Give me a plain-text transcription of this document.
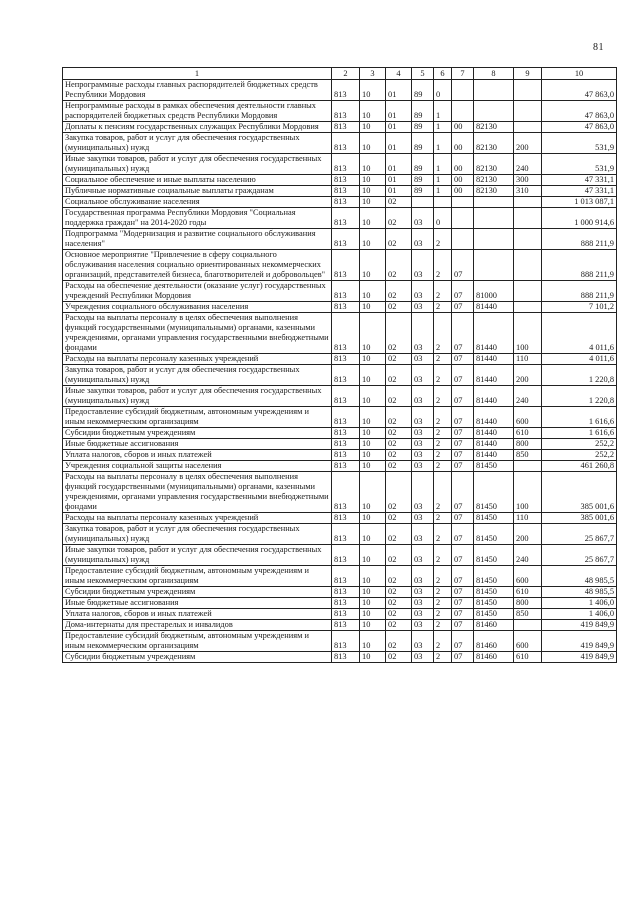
81
1	2	3	4	5	6	7	8	9	10
Непрограммные расходы главных распорядителей бюджетных средств Республики Мордовия	813	10	01	89	0				47 863,0
Непрограммные расходы в рамках обеспечения деятельности главных распорядителей бюджетных средств Республики Мордовия	813	10	01	89	1				47 863,0
Доплаты к пенсиям государственных служащих Республики Мордовия	813	10	01	89	1	00	82130		47 863,0
Закупка товаров, работ и услуг для обеспечения государственных (муниципальных) нужд	813	10	01	89	1	00	82130	200	531,9
Иные закупки товаров, работ и услуг для обеспечения государственных (муниципальных) нужд	813	10	01	89	1	00	82130	240	531,9
Социальное обеспечение и иные выплаты населению	813	10	01	89	1	00	82130	300	47 331,1
Публичные нормативные социальные выплаты гражданам	813	10	01	89	1	00	82130	310	47 331,1
Социальное обслуживание населения	813	10	02						1 013 087,1
Государственная программа Республики Мордовия "Социальная поддержка граждан" на 2014-2020 годы	813	10	02	03	0				1 000 914,6
Подпрограмма "Модернизация и развитие социального обслуживания населения"	813	10	02	03	2				888 211,9
Основное мероприятие "Привлечение в сферу социального обслуживания населения социально ориентированных некоммерческих организаций, представителей бизнеса, благотворителей и добровольцев"	813	10	02	03	2	07			888 211,9
Расходы на обеспечение деятельности (оказание услуг) государственных учреждений Республики Мордовия	813	10	02	03	2	07	81000		888 211,9
Учреждения социального обслуживания населения	813	10	02	03	2	07	81440		7 101,2
Расходы на выплаты персоналу в целях обеспечения выполнения функций государственными (муниципальными) органами, казенными учреждениями, органами управления государственными внебюджетными фондами	813	10	02	03	2	07	81440	100	4 011,6
Расходы на выплаты персоналу казенных учреждений	813	10	02	03	2	07	81440	110	4 011,6
Закупка товаров, работ и услуг для обеспечения государственных (муниципальных) нужд	813	10	02	03	2	07	81440	200	1 220,8
Иные закупки товаров, работ и услуг для обеспечения государственных (муниципальных) нужд	813	10	02	03	2	07	81440	240	1 220,8
Предоставление субсидий бюджетным, автономным учреждениям и иным некоммерческим организациям	813	10	02	03	2	07	81440	600	1 616,6
Субсидии бюджетным учреждениям	813	10	02	03	2	07	81440	610	1 616,6
Иные бюджетные ассигнования	813	10	02	03	2	07	81440	800	252,2
Уплата налогов, сборов и иных платежей	813	10	02	03	2	07	81440	850	252,2
Учреждения социальной защиты населения	813	10	02	03	2	07	81450		461 260,8
Расходы на выплаты персоналу в целях обеспечения выполнения функций государственными (муниципальными) органами, казенными учреждениями, органами управления государственными внебюджетными фондами	813	10	02	03	2	07	81450	100	385 001,6
Расходы на выплаты персоналу казенных учреждений	813	10	02	03	2	07	81450	110	385 001,6
Закупка товаров, работ и услуг для обеспечения государственных (муниципальных) нужд	813	10	02	03	2	07	81450	200	25 867,7
Иные закупки товаров, работ и услуг для обеспечения государственных (муниципальных) нужд	813	10	02	03	2	07	81450	240	25 867,7
Предоставление субсидий бюджетным, автономным учреждениям и иным некоммерческим организациям	813	10	02	03	2	07	81450	600	48 985,5
Субсидии бюджетным учреждениям	813	10	02	03	2	07	81450	610	48 985,5
Иные бюджетные ассигнования	813	10	02	03	2	07	81450	800	1 406,0
Уплата налогов, сборов и иных платежей	813	10	02	03	2	07	81450	850	1 406,0
Дома-интернаты для престарелых и инвалидов	813	10	02	03	2	07	81460		419 849,9
Предоставление субсидий бюджетным, автономным учреждениям и иным некоммерческим организациям	813	10	02	03	2	07	81460	600	419 849,9
Субсидии бюджетным учреждениям	813	10	02	03	2	07	81460	610	419 849,9
